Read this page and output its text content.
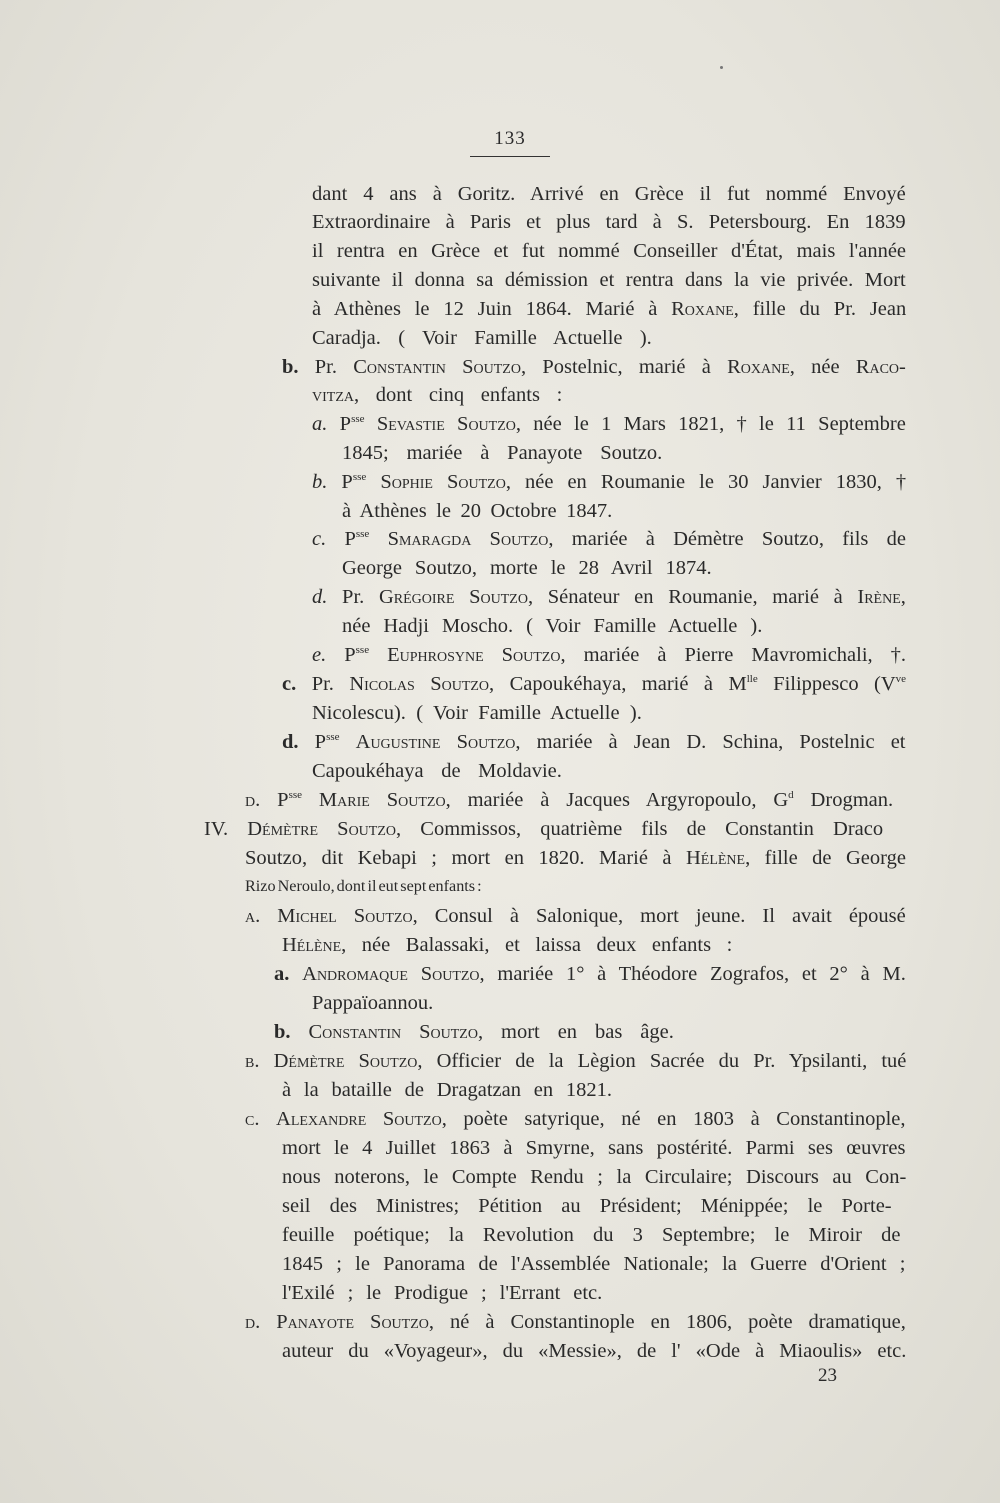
133
dant 4 ans à Goritz. Arrivé en Grèce il fut nommé Envoyé
Extraordinaire à Paris et plus tard à S. Petersbourg. En 1839
il rentra en Grèce et fut nommé Conseiller d'État, mais l'année
suivante il donna sa démission et rentra dans la vie privée. Mort
à Athènes le 12 Juin 1864. Marié à Roxane, fille du Pr. Jean
Caradja. ( Voir Famille Actuelle ).
b. Pr. Constantin Soutzo, Postelnic, marié à Roxane, née Raco-
vitza, dont cinq enfants :
a. $P^{sse}$ Sevastie Soutzo, née le 1 Mars 1821, † le 11 Septembre
1845; mariée à Panayote Soutzo.
b. $P^{sse}$ Sophie Soutzo, née en Roumanie le 30 Janvier 1830, †
à Athènes le 20 Octobre 1847.
c. $P^{sse}$ Smaragda Soutzo, mariée à Démètre Soutzo, fils de
George Soutzo, morte le 28 Avril 1874.
d. Pr. Grégoire Soutzo, Sénateur en Roumanie, marié à Irène,
née Hadji Moscho. ( Voir Famille Actuelle ).
e. $P^{sse}$ Euphrosyne Soutzo, mariée à Pierre Mavromichali, †.
c. Pr. Nicolas Soutzo, Capoukéhaya, marié à $M^{lle}$ Filippesco ($V^{ve}$
Nicolescu). ( Voir Famille Actuelle ).
d. $P^{sse}$ Augustine Soutzo, mariée à Jean D. Schina, Postelnic et
Capoukéhaya de Moldavie.
d. $P^{sse}$ Marie Soutzo, mariée à Jacques Argyropoulo, $G^d$ Drogman.
IV. Démètre Soutzo, Commissos, quatrième fils de Constantin Draco
Soutzo, dit Kebapi ; mort en 1820. Marié à Hélène, fille de George
Rizo Neroulo, dont il eut sept enfants :
a. Michel Soutzo, Consul à Salonique, mort jeune. Il avait épousé
Hélène, née Balassaki, et laissa deux enfants :
a. Andromaque Soutzo, mariée 1° à Théodore Zografos, et 2° à M.
Pappaïoannou.
b. Constantin Soutzo, mort en bas âge.
b. Démètre Soutzo, Officier de la Lègion Sacrée du Pr. Ypsilanti, tué
à la bataille de Dragatzan en 1821.
c. Alexandre Soutzo, poète satyrique, né en 1803 à Constantinople,
mort le 4 Juillet 1863 à Smyrne, sans postérité. Parmi ses œuvres
nous noterons, le Compte Rendu ; la Circulaire; Discours au Con-
seil des Ministres; Pétition au Président; Ménippée; le Porte-
feuille poétique; la Revolution du 3 Septembre; le Miroir de
1845 ; le Panorama de l'Assemblée Nationale; la Guerre d'Orient ;
l'Exilé ; le Prodigue ; l'Errant etc.
d. Panayote Soutzo, né à Constantinople en 1806, poète dramatique,
auteur du «Voyageur», du «Messie», de l' «Ode à Miaoulis» etc.
23
